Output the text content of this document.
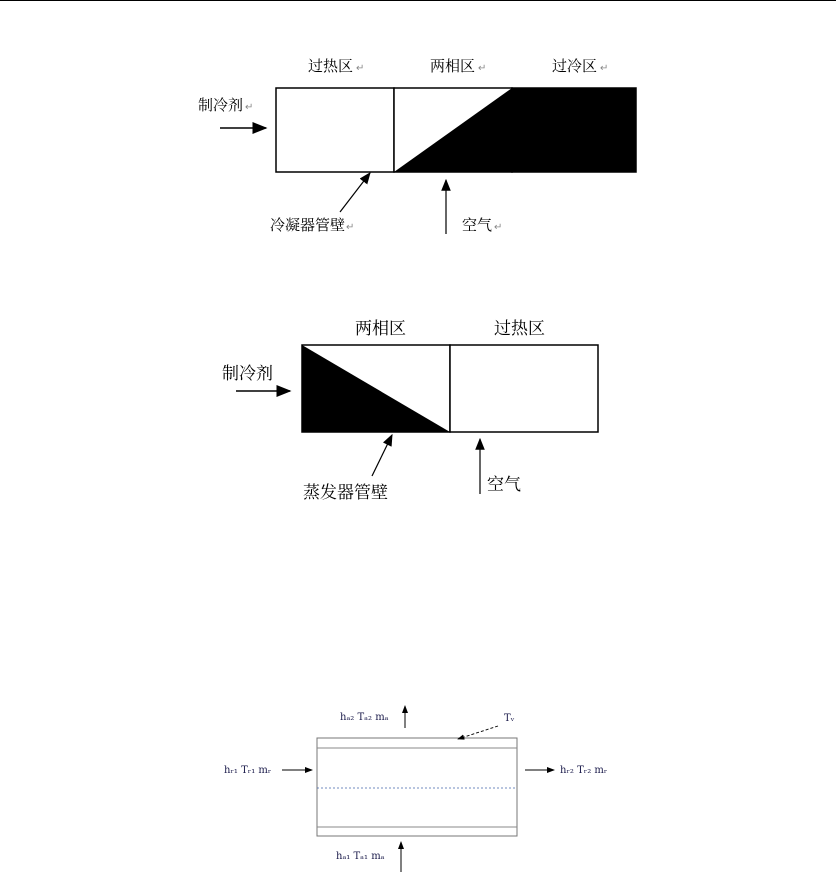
过热区 ↵	两相区 ↵	过冷区 ↵
制冷剂 ↵
冷凝器管壁 ↵	空气 ↵
两相区	过热区
制冷剂
蒸发器管壁	空气
hₐ₂ Tₐ₂ mₐ	Tᵥ
hᵣ₁ Tᵣ₁ mᵣ	hᵣ₂ Tᵣ₂ mᵣ
hₐ₁ Tₐ₁ mₐ
